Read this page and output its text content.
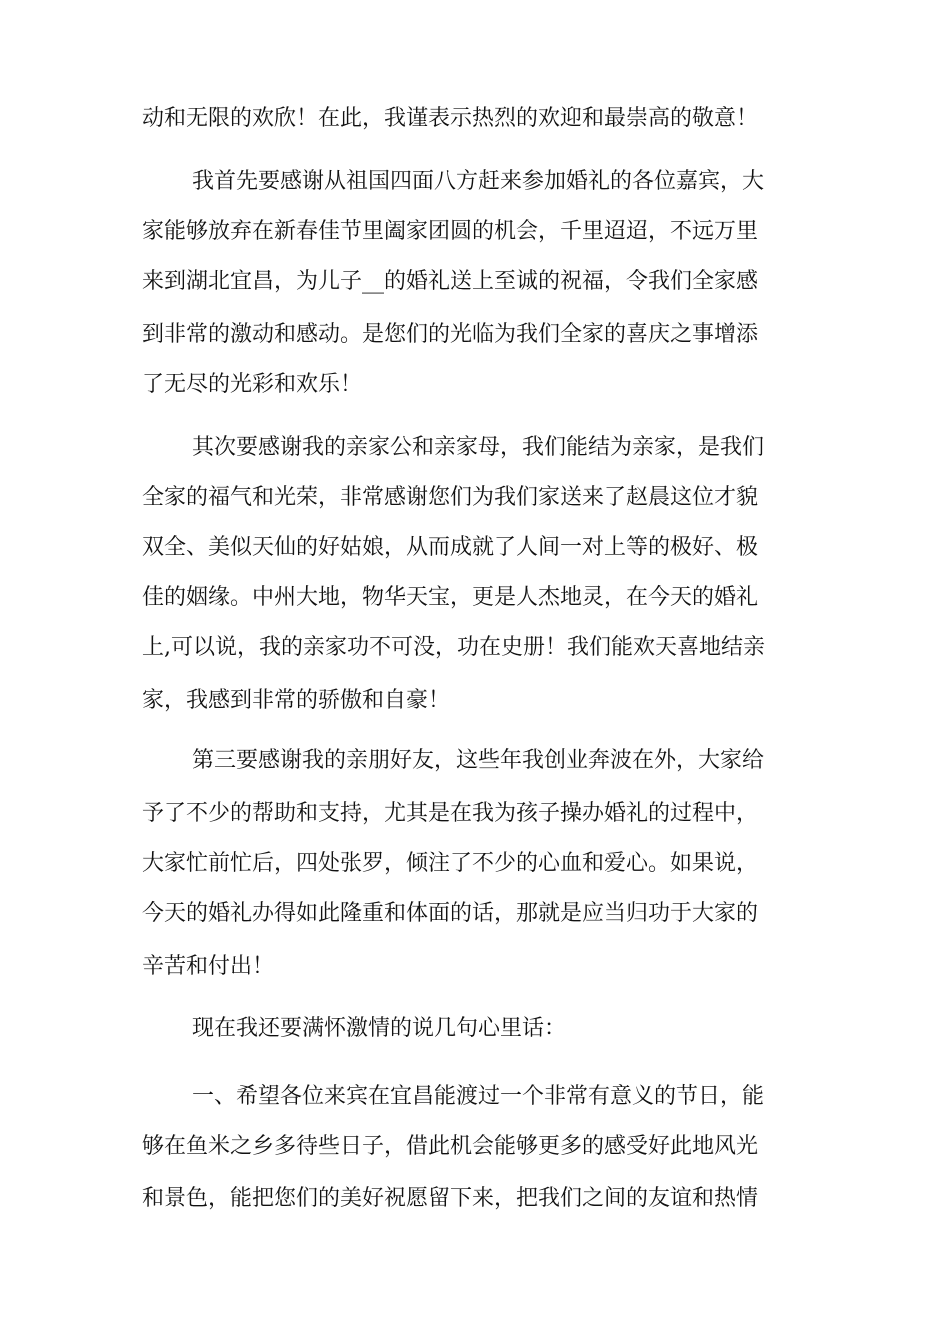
动和无限的欢欣！在此，我谨表示热烈的欢迎和最崇高的敬意！

我首先要感谢从祖国四面八方赶来参加婚礼的各位嘉宾，大

家能够放弃在新春佳节里阖家团圆的机会，千里迢迢，不远万里

来到湖北宜昌，为儿子__的婚礼送上至诚的祝福，令我们全家感

到非常的激动和感动。是您们的光临为我们全家的喜庆之事增添

了无尽的光彩和欢乐！

其次要感谢我的亲家公和亲家母，我们能结为亲家，是我们

全家的福气和光荣，非常感谢您们为我们家送来了赵晨这位才貌

双全、美似天仙的好姑娘，从而成就了人间一对上等的极好、极

佳的姻缘。中州大地，物华天宝，更是人杰地灵，在今天的婚礼

上,可以说，我的亲家功不可没，功在史册！我们能欢天喜地结亲

家，我感到非常的骄傲和自豪！

第三要感谢我的亲朋好友，这些年我创业奔波在外，大家给

予了不少的帮助和支持，尤其是在我为孩子操办婚礼的过程中，

大家忙前忙后，四处张罗，倾注了不少的心血和爱心。如果说，

今天的婚礼办得如此隆重和体面的话，那就是应当归功于大家的

辛苦和付出！

现在我还要满怀激情的说几句心里话：

一、希望各位来宾在宜昌能渡过一个非常有意义的节日，能

够在鱼米之乡多待些日子，借此机会能够更多的感受好此地风光

和景色，能把您们的美好祝愿留下来，把我们之间的友谊和热情
